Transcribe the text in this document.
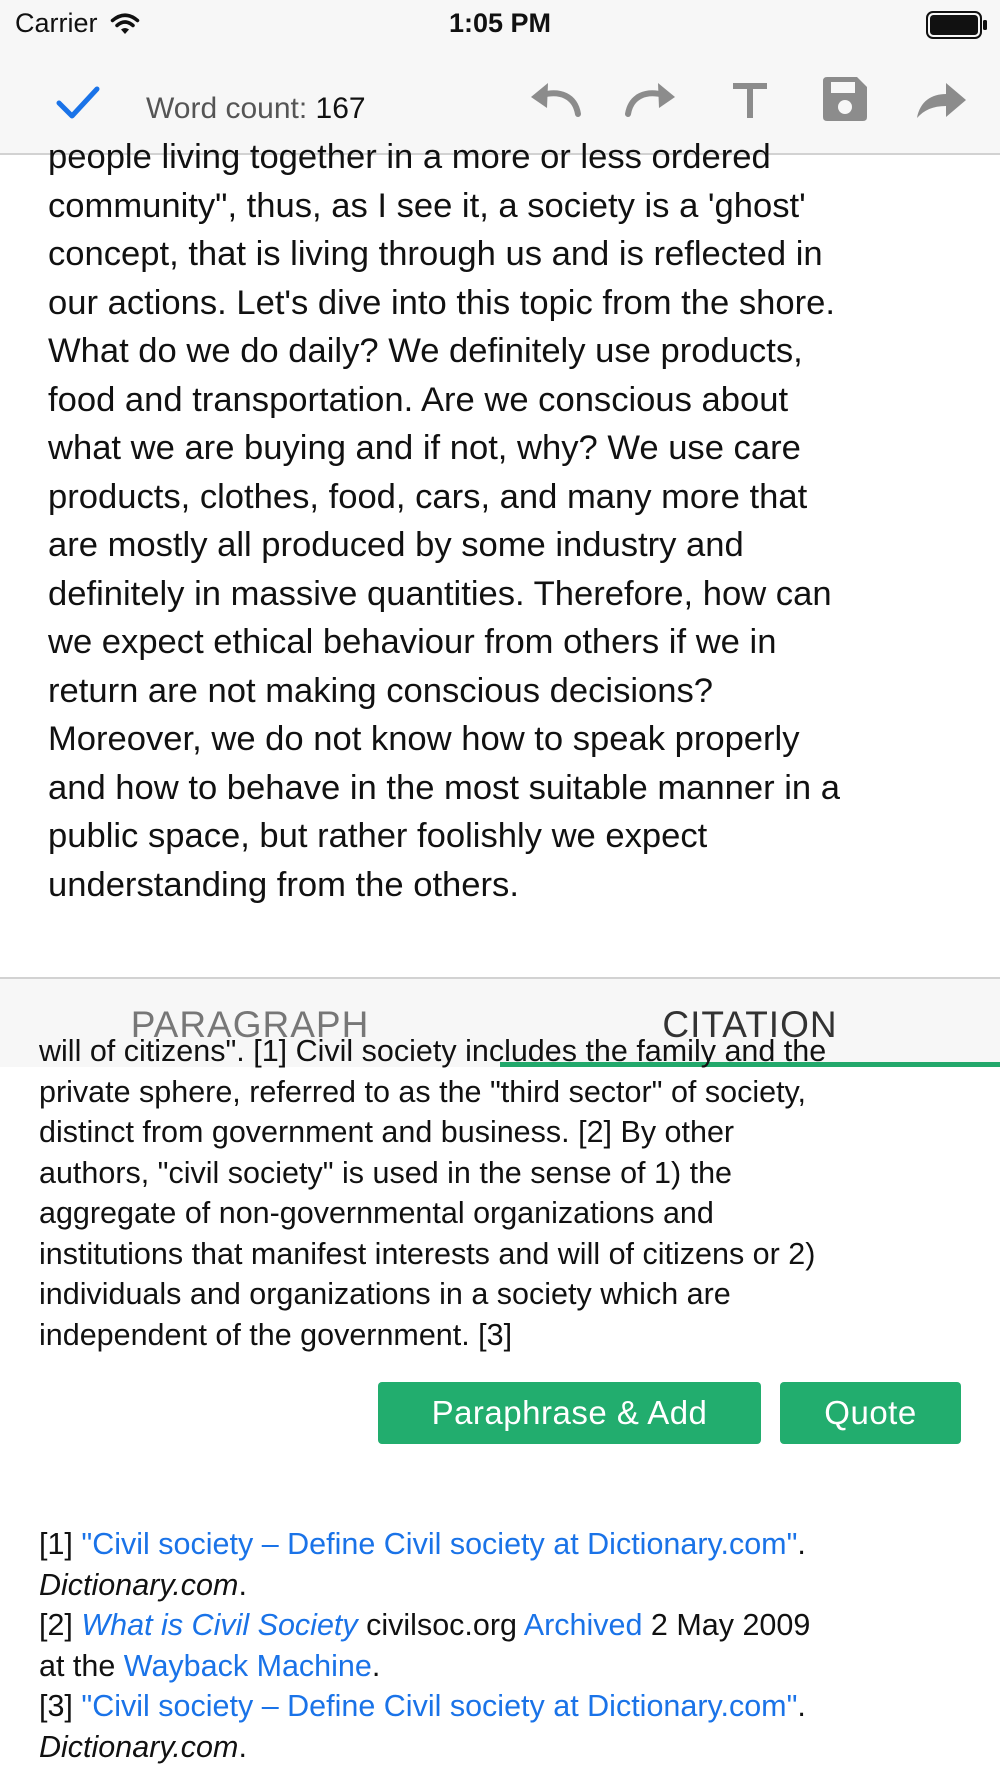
Carrier	1:05 PM
Word count: 167
people living together in a more or less ordered
community", thus, as I see it, a society is a 'ghost'
concept, that is living through us and is reflected in
our actions. Let's dive into this topic from the shore.
What do we do daily? We definitely use products,
food and transportation. Are we conscious about
what we are buying and if not, why? We use care
products, clothes, food, cars, and many more that
are mostly all produced by some industry and
definitely in massive quantities. Therefore, how can
we expect ethical behaviour from others if we in
return are not making conscious decisions?
Moreover, we do not know how to speak properly
and how to behave in the most suitable manner in a
public space, but rather foolishly we expect
understanding from the others.
PARAGRAPH	CITATION
will of citizens". [1] Civil society includes the family and the
private sphere, referred to as the "third sector" of society,
distinct from government and business. [2] By other
authors, "civil society" is used in the sense of 1) the
aggregate of non-governmental organizations and
institutions that manifest interests and will of citizens or 2)
individuals and organizations in a society which are
independent of the government. [3]
Paraphrase & Add	Quote
[1] "Civil society – Define Civil society at Dictionary.com".
Dictionary.com.
[2] What is Civil Society civilsoc.org Archived 2 May 2009
at the Wayback Machine.
[3] "Civil society – Define Civil society at Dictionary.com".
Dictionary.com.
